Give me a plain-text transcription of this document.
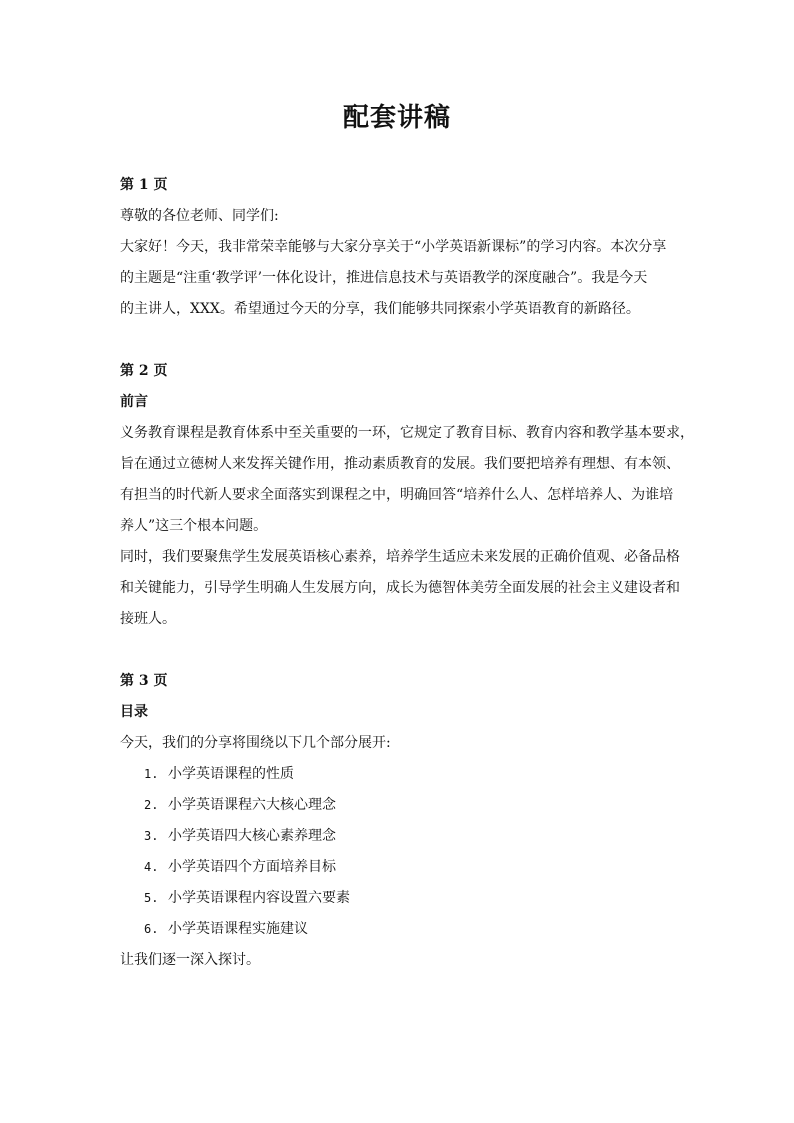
配套讲稿

第 1 页

尊敬的各位老师、同学们:

大家好！今天，我非常荣幸能够与大家分享关于“小学英语新课标”的学习内容。本次分享

的主题是“注重‘教学评’一体化设计，推进信息技术与英语教学的深度融合”。我是今天

的主讲人，XXX。希望通过今天的分享，我们能够共同探索小学英语教育的新路径。

第 2 页

前言

义务教育课程是教育体系中至关重要的一环，它规定了教育目标、教育内容和教学基本要求，

旨在通过立德树人来发挥关键作用，推动素质教育的发展。我们要把培养有理想、有本领、

有担当的时代新人要求全面落实到课程之中，明确回答“培养什么人、怎样培养人、为谁培

养人”这三个根本问题。

同时，我们要聚焦学生发展英语核心素养，培养学生适应未来发展的正确价值观、必备品格

和关键能力，引导学生明确人生发展方向，成长为德智体美劳全面发展的社会主义建设者和

接班人。

第 3 页

目录

今天，我们的分享将围绕以下几个部分展开:

1. 小学英语课程的性质
2. 小学英语课程六大核心理念
3. 小学英语四大核心素养理念
4. 小学英语四个方面培养目标
5. 小学英语课程内容设置六要素
6. 小学英语课程实施建议

让我们逐一深入探讨。
